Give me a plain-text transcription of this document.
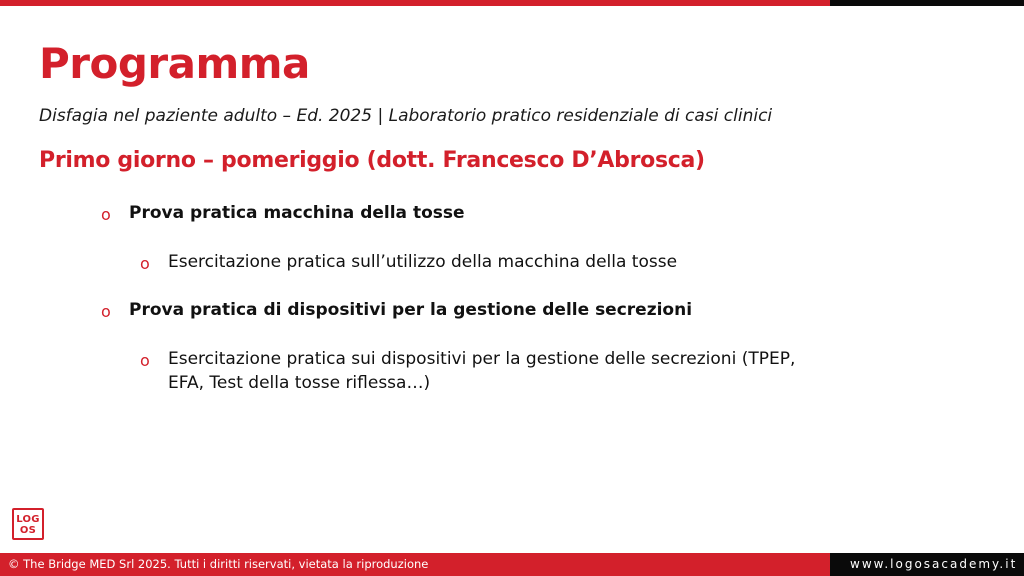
Programma
Disfagia nel paziente adulto – Ed. 2025 | Laboratorio pratico residenziale di casi clinici
Primo giorno – pomeriggio (dott. Francesco D’Abrosca)
o Prova pratica macchina della tosse
o Esercitazione pratica sull’utilizzo della macchina della tosse
o Prova pratica di dispositivi per la gestione delle secrezioni
o Esercitazione pratica sui dispositivi per la gestione delle secrezioni (TPEP,
EFA, Test della tosse riflessa…)
LOG
OS
© The Bridge MED Srl 2025. Tutti i diritti riservati, vietata la riproduzione	www.logosacademy.it
